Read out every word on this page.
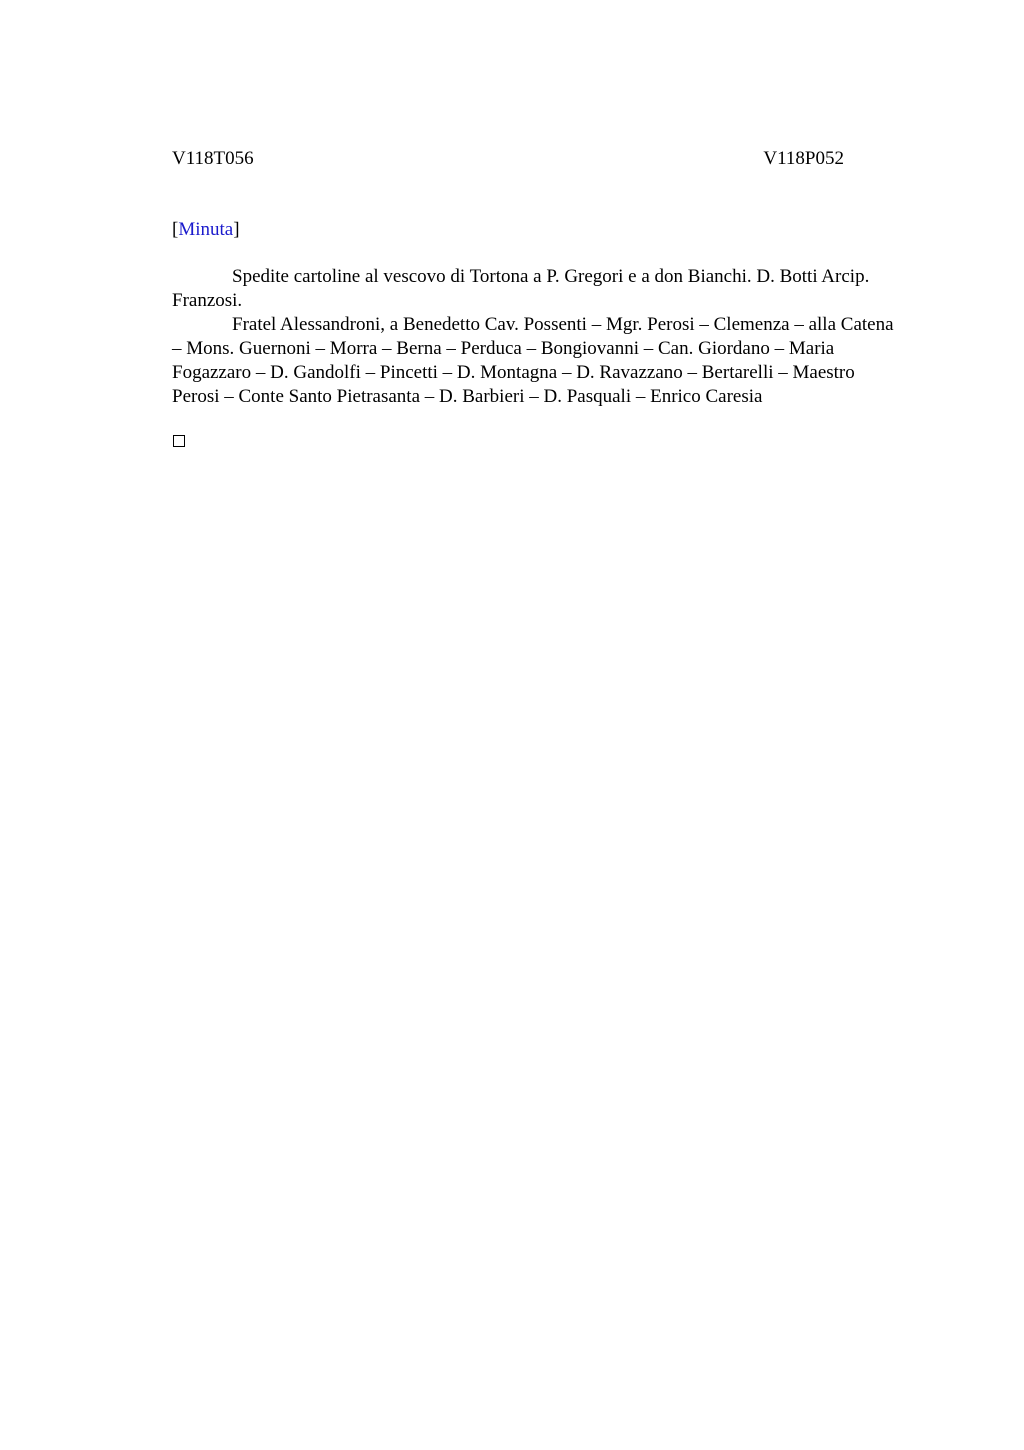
V118T056	V118P052
[Minuta]

Spedite cartoline al vescovo di Tortona a P. Gregori e a don Bianchi. D. Botti Arcip. Franzosi.

Fratel Alessandroni, a Benedetto Cav. Possenti – Mgr. Perosi – Clemenza – alla Catena – Mons. Guernoni – Morra – Berna – Perduca – Bongiovanni – Can. Giordano – Maria Fogazzaro – D. Gandolfi – Pincetti – D. Montagna – D. Ravazzano – Bertarelli – Maestro Perosi – Conte Santo Pietrasanta – D. Barbieri – D. Pasquali – Enrico Caresia
